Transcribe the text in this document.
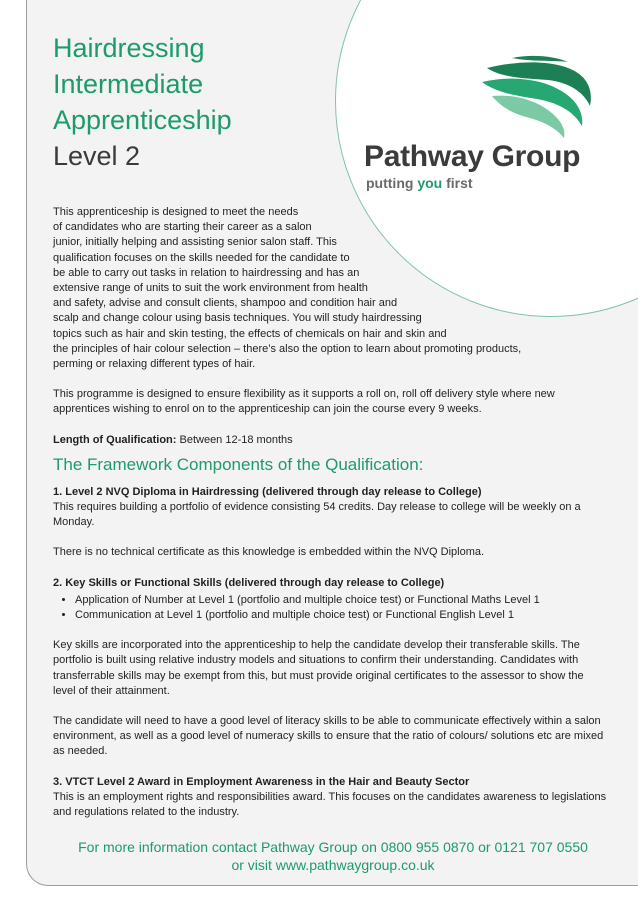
Hairdressing
Intermediate
Apprenticeship
Level 2	Pathway Group
putting you first
This apprenticeship is designed to meet the needs
of candidates who are starting their career as a salon
junior, initially helping and assisting senior salon staff. This
qualification focuses on the skills needed for the candidate to
be able to carry out tasks in relation to hairdressing and has an
extensive range of units to suit the work environment from health
and safety, advise and consult clients, shampoo and condition hair and
scalp and change colour using basis techniques. You will study hairdressing
topics such as hair and skin testing, the effects of chemicals on hair and skin and
the principles of hair colour selection – there’s also the option to learn about promoting products,
perming or relaxing different types of hair.

This programme is designed to ensure flexibility as it supports a roll on, roll off delivery style where new apprentices wishing to enrol on to the apprenticeship can join the course every 9 weeks.

Length of Qualification: Between 12-18 months

The Framework Components of the Qualification:

1. Level 2 NVQ Diploma in Hairdressing (delivered through day release to College)

This requires building a portfolio of evidence consisting 54 credits. Day release to college will be weekly on a Monday.

There is no technical certificate as this knowledge is embedded within the NVQ Diploma.

2. Key Skills or Functional Skills (delivered through day release to College)

• Application of Number at Level 1 (portfolio and multiple choice test) or Functional Maths Level 1
• Communication at Level 1 (portfolio and multiple choice test) or Functional English Level 1

Key skills are incorporated into the apprenticeship to help the candidate develop their transferable skills. The portfolio is built using relative industry models and situations to confirm their understanding. Candidates with transferrable skills may be exempt from this, but must provide original certificates to the assessor to show the level of their attainment.

The candidate will need to have a good level of literacy skills to be able to communicate effectively within a salon environment, as well as a good level of numeracy skills to ensure that the ratio of colours/ solutions etc are mixed as needed.

3. VTCT Level 2 Award in Employment Awareness in the Hair and Beauty Sector

This is an employment rights and responsibilities award. This focuses on the candidates awareness to legislations and regulations related to the industry.

For more information contact Pathway Group on 0800 955 0870 or 0121 707 0550

or visit www.pathwaygroup.co.uk
